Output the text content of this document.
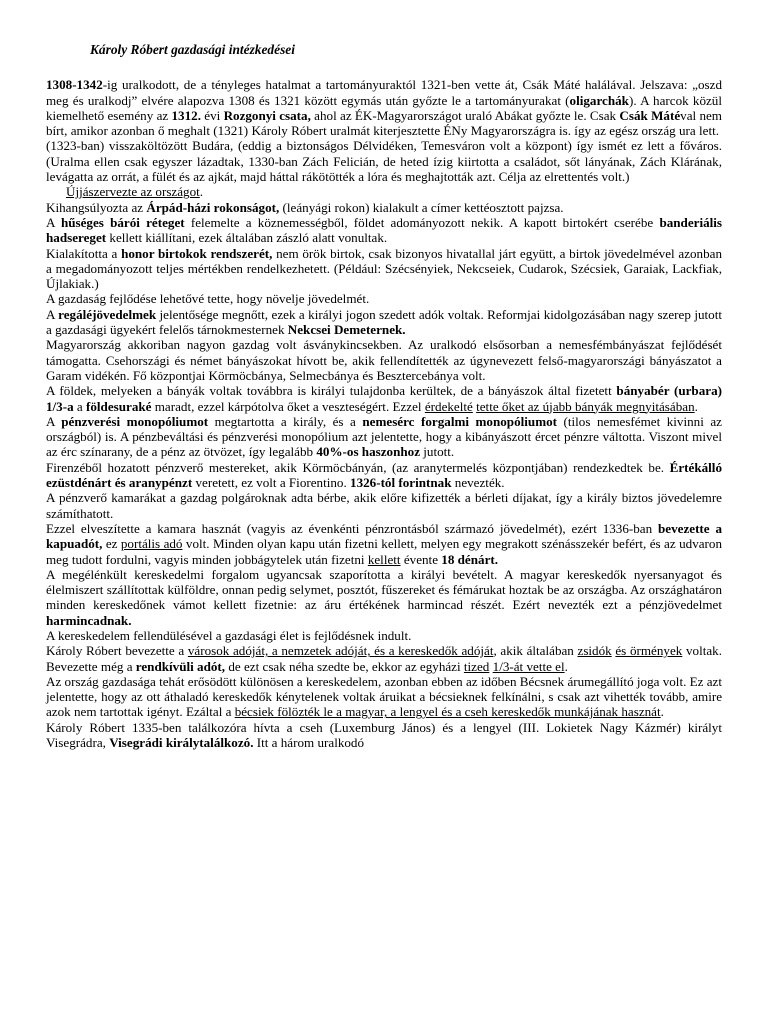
Károly Róbert gazdasági intézkedései

1308-1342-ig uralkodott, de a tényleges hatalmat a tartományuraktól 1321-ben vette át, Csák Máté halálával. Jelszava: „oszd meg és uralkodj” elvére alapozva 1308 és 1321 között egymás után győzte le a tartományurakat (oligarchák). A harcok közül kiemelhető esemény az 1312. évi Rozgonyi csata, ahol az ÉK-Magyarországot uraló Abákat győzte le. Csak Csák Mátéval nem bírt, amikor azonban ő meghalt (1321) Károly Róbert uralmát kiterjesztette ÉNy Magyarországra is. így az egész ország ura lett.

(1323-ban) visszaköltözött Budára, (eddig a biztonságos Délvidéken, Temesváron volt a központ) így ismét ez lett a főváros. (Uralma ellen csak egyszer lázadtak, 1330-ban Zách Felicián, de heted ízig kiirtotta a családot, sőt lányának, Zách Klárának, levágatta az orrát, a fülét és az ajkát, majd háttal rákötötték a lóra és meghajtották azt. Célja az elrettentés volt.)

Újjászervezte az országot.

Kihangsúlyozta az Árpád-házi rokonságot, (leányági rokon) kialakult a címer kettéosztott pajzsa.

A hűséges bárói réteget felemelte a köznemességből, földet adományozott nekik. A kapott birtokért cserébe banderiális hadsereget kellett kiállítani, ezek általában zászló alatt vonultak.

Kialakította a honor birtokok rendszerét, nem örök birtok, csak bizonyos hivatallal járt együtt, a birtok jövedelmével azonban a megadományozott teljes mértékben rendelkezhetett. (Például: Szécsényiek, Nekcseiek, Cudarok, Szécsiek, Garaiak, Lackfiak, Újlakiak.)

A gazdaság fejlődése lehetővé tette, hogy növelje jövedelmét.

A regáléjövedelmek jelentősége megnőtt, ezek a királyi jogon szedett adók voltak. Reformjai kidolgozásában nagy szerep jutott a gazdasági ügyekért felelős tárnokmesternek Nekcsei Demeternek.

Magyarország akkoriban nagyon gazdag volt ásványkincsekben. Az uralkodó elsősorban a nemesfémbányászat fejlődését támogatta. Csehországi és német bányászokat hívott be, akik fellendítették az úgynevezett felső-magyarországi bányászatot a Garam vidékén. Fő központjai Körmöcbánya, Selmecbánya és Besztercebánya volt.

A földek, melyeken a bányák voltak továbbra is királyi tulajdonba kerültek, de a bányászok által fizetett bányabér (urbara) 1/3-a a földesuraké maradt, ezzel kárpótolva őket a veszteségért. Ezzel érdekelté tette őket az újabb bányák megnyitásában.

A pénzverési monopóliumot megtartotta a király, és a nemesérc forgalmi monopóliumot (tilos nemesfémet kivinni az országból) is. A pénzbeváltási és pénzverési monopólium azt jelentette, hogy a kibányászott ércet pénzre váltotta. Viszont mivel az érc színarany, de a pénz az ötvözet, így legalább 40%-os haszonhoz jutott.

Firenzéből hozatott pénzverő mestereket, akik Körmöcbányán, (az aranytermelés központjában) rendezkedtek be. Értékálló ezüstdénárt és aranypénzt veretett, ez volt a Fiorentino. 1326-tól forintnak nevezték.

A pénzverő kamarákat a gazdag polgároknak adta bérbe, akik előre kifizették a bérleti díjakat, így a király biztos jövedelemre számíthatott.

Ezzel elveszítette a kamara hasznát (vagyis az évenkénti pénzrontásból származó jövedelmét), ezért 1336-ban bevezette a kapuadót, ez portális adó volt. Minden olyan kapu után fizetni kellett, melyen egy megrakott szénásszekér befért, és az udvaron meg tudott fordulni, vagyis minden jobbágytelek után fizetni kellett évente 18 dénárt.

A megélénkült kereskedelmi forgalom ugyancsak szaporította a királyi bevételt. A magyar kereskedők nyersanyagot és élelmiszert szállítottak külföldre, onnan pedig selymet, posztót, fűszereket és fémárukat hoztak be az országba. Az országhatáron minden kereskedőnek vámot kellett fizetnie: az áru értékének harmincad részét. Ezért nevezték ezt a pénzjövedelmet harmincadnak.

A kereskedelem fellendülésével a gazdasági élet is fejlődésnek indult.

Károly Róbert bevezette a városok adóját, a nemzetek adóját, és a kereskedők adóját, akik általában zsidók és örmények voltak. Bevezette még a rendkívüli adót, de ezt csak néha szedte be, ekkor az egyházi tized 1/3-át vette el.

Az ország gazdasága tehát erősödött különösen a kereskedelem, azonban ebben az időben Bécsnek árumegállító joga volt. Ez azt jelentette, hogy az ott áthaladó kereskedők kénytelenek voltak áruikat a bécsieknek felkínálni, s csak azt vihették tovább, amire azok nem tartottak igényt. Ezáltal a bécsiek fölözték le a magyar, a lengyel és a cseh kereskedők munkájának hasznát.

Károly Róbert 1335-ben találkozóra hívta a cseh (Luxemburg János) és a lengyel (III. Lokietek Nagy Kázmér) királyt Visegrádra, Visegrádi királytalálkozó. Itt a három uralkodó
